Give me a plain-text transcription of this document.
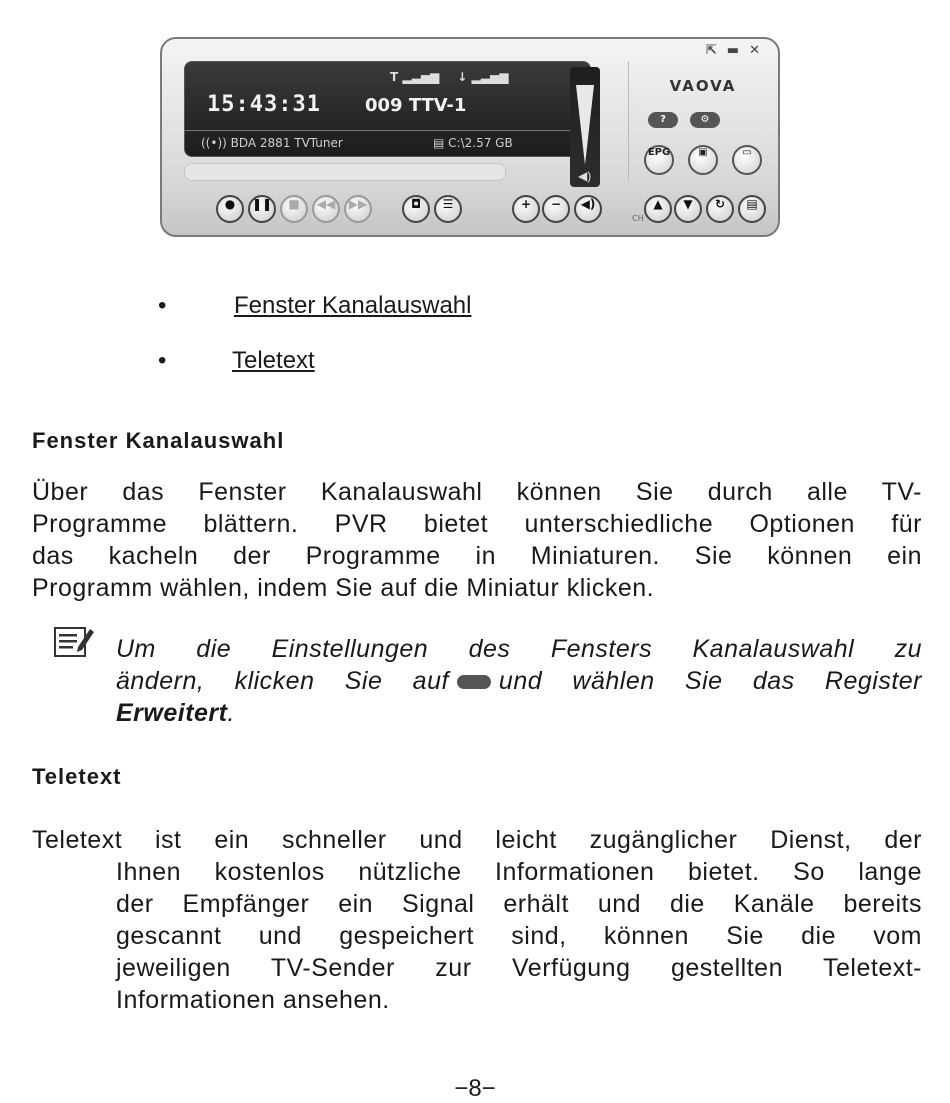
⇱ ▬ ✕
T ▂▃▅▆ ↓ ▂▃▅▆
15:43:31 009 TTV-1
((•)) BDA 2881 TVTuner	▤ C:\2.57 GB
◀)
VAOVA
?	⚙
EPG	▣	▭
●	❚❚	■	◀◀	▶▶	◘	☰	+	−	◀)
CH
▲	▼	↻	▤
•	Fenster Kanalauswahl
•	Teletext
Fenster Kanalauswahl
Über das Fenster Kanalauswahl können Sie durch alle TV-
Programme blättern. PVR bietet unterschiedliche Optionen für
das kacheln der Programme in Miniaturen. Sie können ein
Programm wählen, indem Sie auf die Miniatur klicken.
Um die Einstellungen des Fensters Kanalauswahl zu
ändern, klicken Sie auf und wählen Sie das Register
Erweitert.
Teletext
Teletext ist ein schneller und leicht zugänglicher Dienst, der
Ihnen kostenlos nützliche Informationen bietet. So lange
der Empfänger ein Signal erhält und die Kanäle bereits
gescannt und gespeichert sind, können Sie die vom
jeweiligen TV-Sender zur Verfügung gestellten Teletext-
Informationen ansehen.
−8−
